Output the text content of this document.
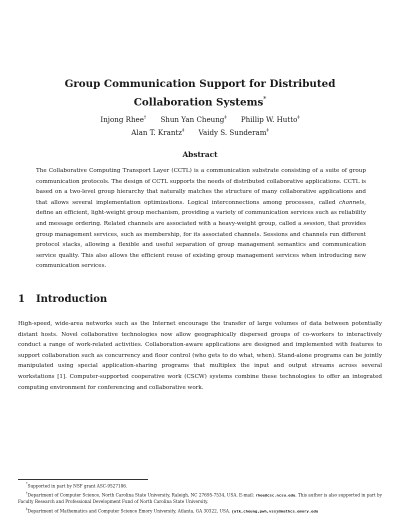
Group Communication Support for Distributed
Collaboration Systems*
Injong Rhee† Shun Yan Cheung‡ Phillip W. Hutto‡
Alan T. Krantz‡ Vaidy S. Sunderam‡
Abstract

The Collaborative Computing Transport Layer (CCTL) is a communication substrate consisting of a suite of group communication protocols. The design of CCTL supports the needs of distributed collaborative applications. CCTL is based on a two-level group hierarchy that naturally matches the structure of many collaborative applications and that allows several implementation optimizations. Logical interconnections among processes, called channels, define an efficient, light-weight group mechanism, providing a variety of communication services such as reliability and message ordering. Related channels are associated with a heavy-weight group, called a session, that provides group management services, such as membership, for its associated channels. Sessions and channels run different protocol stacks, allowing a flexible and useful separation of group management semantics and communication service quality. This also allows the efficient reuse of existing group management services when introducing new communication services.

1 Introduction

High-speed, wide-area networks such as the Internet encourage the transfer of large volumes of data between potentially distant hosts. Novel collaborative technologies now allow geographically dispersed groups of co-workers to interactively conduct a range of work-related activities. Collaboration-aware applications are designed and implemented with features to support collaboration such as concurrency and floor control (who gets to do what, when). Stand-alone programs can be jointly manipulated using special application-sharing programs that multiplex the input and output streams across several workstations [1]. Computer-supported cooperative work (CSCW) systems combine these technologies to offer an integrated computing environment for conferencing and collaborative work.

*Supported in part by NSF grant ASC-9527186.
†Department of Computer Science, North Carolina State University, Raleigh, NC 27695-7534, USA. E-mail: rhee@csc.ncsu.edu. This author is also supported in part by Faculty Research and Professional Development Fund of North Carolina State University.
‡Department of Mathematics and Computer Science Emory University, Atlanta, GA 30322, USA. {atk,cheung,pwh,vss}@mathcs.emory.edu
